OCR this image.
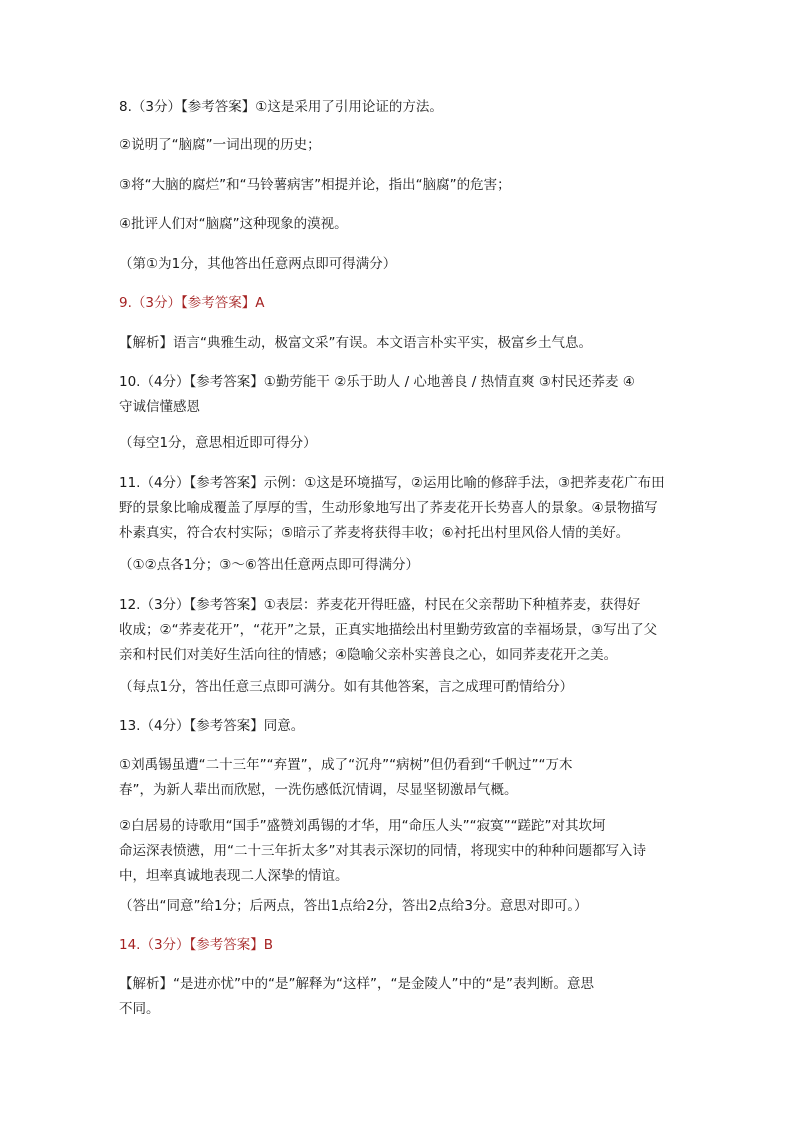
8.（3分）【参考答案】①这是采用了引用论证的方法。
②说明了“脑腐”一词出现的历史；
③将“大脑的腐烂”和“马铃薯病害”相提并论，指出“脑腐”的危害；
④批评人们对“脑腐”这种现象的漠视。
（第①为1分，其他答出任意两点即可得满分）
9.（3分）【参考答案】A
【解析】语言“典雅生动，极富文采”有误。本文语言朴实平实，极富乡土气息。
10.（4分）【参考答案】①勤劳能干 ②乐于助人 / 心地善良 / 热情直爽 ③村民还荞麦 ④
守诚信懂感恩
（每空1分，意思相近即可得分）
11.（4分）【参考答案】示例：①这是环境描写，②运用比喻的修辞手法，③把荞麦花广布田
野的景象比喻成覆盖了厚厚的雪，生动形象地写出了荞麦花开长势喜人的景象。④景物描写
朴素真实，符合农村实际；⑤暗示了荞麦将获得丰收；⑥衬托出村里风俗人情的美好。
（①②点各1分；③～⑥答出任意两点即可得满分）
12.（3分）【参考答案】①表层：荞麦花开得旺盛，村民在父亲帮助下种植荞麦，获得好
收成；②“荞麦花开”，“花开”之景，正真实地描绘出村里勤劳致富的幸福场景，③写出了父
亲和村民们对美好生活向往的情感；④隐喻父亲朴实善良之心，如同荞麦花开之美。
（每点1分，答出任意三点即可满分。如有其他答案，言之成理可酌情给分）
13.（4分）【参考答案】同意。
①刘禹锡虽遭“二十三年”“弃置”，成了“沉舟”“病树”但仍看到“千帆过”“万木
春”，为新人辈出而欣慰，一洗伤感低沉情调，尽显坚韧激昂气概。
②白居易的诗歌用“国手”盛赞刘禹锡的才华，用“命压人头”“寂寞”“蹉跎”对其坎坷
命运深表愤懑，用“二十三年折太多”对其表示深切的同情，将现实中的种种问题都写入诗
中，坦率真诚地表现二人深挚的情谊。
（答出“同意”给1分；后两点，答出1点给2分，答出2点给3分。意思对即可。）
14.（3分）【参考答案】B
【解析】“是进亦忧”中的“是”解释为“这样”，“是金陵人”中的“是”表判断。意思
不同。
